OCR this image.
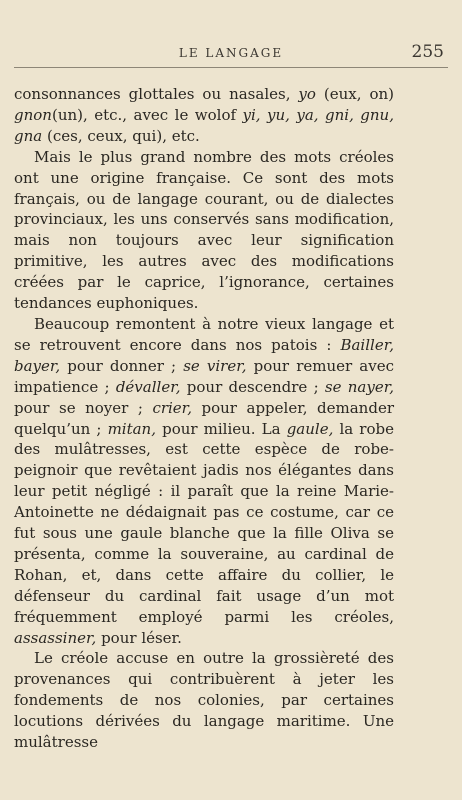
LE LANGAGE	255

consonnances glottales ou nasales, yo (eux, on) gnon(un), etc., avec le wolof yi, yu, ya, gni, gnu, gna (ces, ceux, qui), etc.

Mais le plus grand nombre des mots créoles ont une origine française. Ce sont des mots français, ou de langage courant, ou de dialectes provinciaux, les uns conservés sans modification, mais non toujours avec leur signification primitive, les autres avec des modifications créées par le caprice, l’ignorance, certaines tendances euphoniques.

Beaucoup remontent à notre vieux langage et se retrouvent encore dans nos patois : Bailler, bayer, pour donner ; se virer, pour remuer avec impatience ; dévaller, pour descendre ; se nayer, pour se noyer ; crier, pour appeler, demander quelqu’un ; mitan, pour milieu. La gaule, la robe des mulâtresses, est cette espèce de robe-peignoir que revêtaient jadis nos élégantes dans leur petit négligé : il paraît que la reine Marie-Antoinette ne dédaignait pas ce costume, car ce fut sous une gaule blanche que la fille Oliva se présenta, comme la souveraine, au cardinal de Rohan, et, dans cette affaire du collier, le défenseur du cardinal fait usage d’un mot fréquemment employé parmi les créoles, assassiner, pour léser.

Le créole accuse en outre la grossièreté des provenances qui contribuèrent à jeter les fondements de nos colonies, par certaines locutions dérivées du langage maritime. Une mulâtresse
